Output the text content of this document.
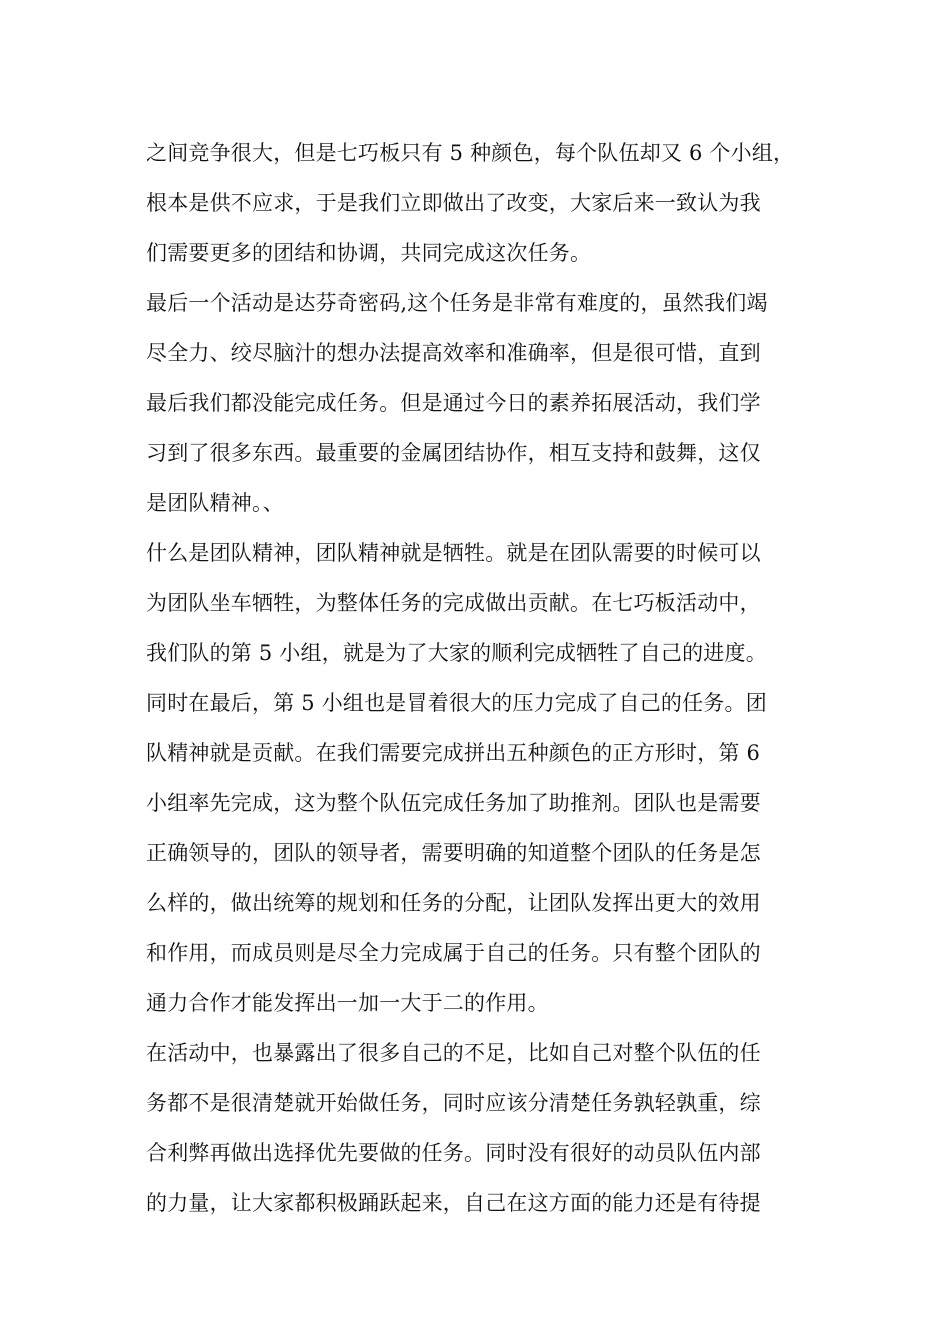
之间竞争很大，但是七巧板只有 5 种颜色，每个队伍却又 6 个小组，
根本是供不应求，于是我们立即做出了改变，大家后来一致认为我
们需要更多的团结和协调，共同完成这次任务。
最后一个活动是达芬奇密码,这个任务是非常有难度的，虽然我们竭
尽全力、绞尽脑汁的想办法提高效率和准确率，但是很可惜，直到
最后我们都没能完成任务。但是通过今日的素养拓展活动，我们学
习到了很多东西。最重要的金属团结协作，相互支持和鼓舞，这仅
是团队精神。、
什么是团队精神，团队精神就是牺牲。就是在团队需要的时候可以
为团队坐车牺牲，为整体任务的完成做出贡献。在七巧板活动中，
我们队的第 5 小组，就是为了大家的顺利完成牺牲了自己的进度。
同时在最后，第 5 小组也是冒着很大的压力完成了自己的任务。团
队精神就是贡献。在我们需要完成拼出五种颜色的正方形时，第 6
小组率先完成，这为整个队伍完成任务加了助推剂。团队也是需要
正确领导的，团队的领导者，需要明确的知道整个团队的任务是怎
么样的，做出统筹的规划和任务的分配，让团队发挥出更大的效用
和作用，而成员则是尽全力完成属于自己的任务。只有整个团队的
通力合作才能发挥出一加一大于二的作用。
在活动中，也暴露出了很多自己的不足，比如自己对整个队伍的任
务都不是很清楚就开始做任务，同时应该分清楚任务孰轻孰重，综
合利弊再做出选择优先要做的任务。同时没有很好的动员队伍内部
的力量，让大家都积极踊跃起来，自己在这方面的能力还是有待提
